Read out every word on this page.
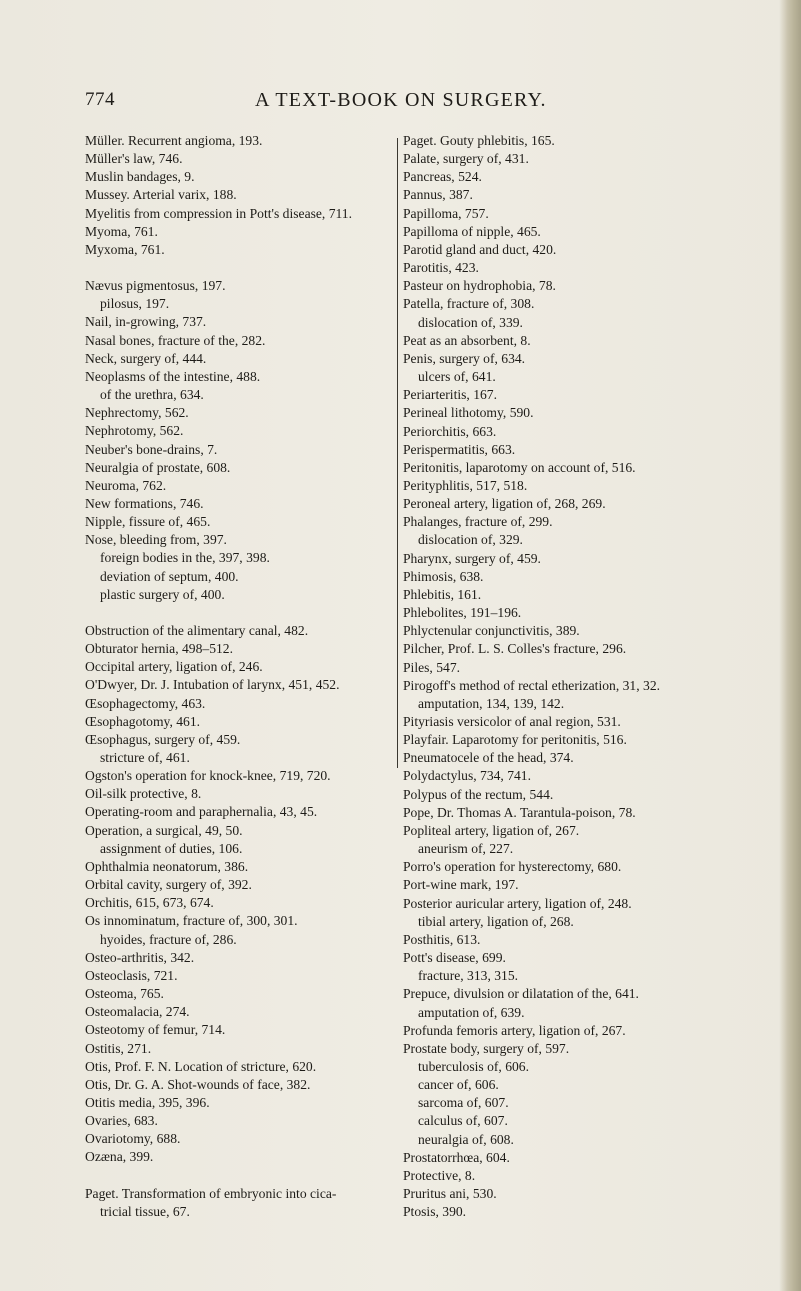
774	A TEXT-BOOK ON SURGERY.
Müller. Recurrent angioma, 193.
Müller's law, 746.
Muslin bandages, 9.
Mussey. Arterial varix, 188.
Myelitis from compression in Pott's disease, 711.
Myoma, 761.
Myxoma, 761.
Nævus pigmentosus, 197.
pilosus, 197.
Nail, in-growing, 737.
Nasal bones, fracture of the, 282.
Neck, surgery of, 444.
Neoplasms of the intestine, 488.
of the urethra, 634.
Nephrectomy, 562.
Nephrotomy, 562.
Neuber's bone-drains, 7.
Neuralgia of prostate, 608.
Neuroma, 762.
New formations, 746.
Nipple, fissure of, 465.
Nose, bleeding from, 397.
foreign bodies in the, 397, 398.
deviation of septum, 400.
plastic surgery of, 400.
Obstruction of the alimentary canal, 482.
Obturator hernia, 498–512.
Occipital artery, ligation of, 246.
O'Dwyer, Dr. J. Intubation of larynx, 451, 452.
Œsophagectomy, 463.
Œsophagotomy, 461.
Œsophagus, surgery of, 459.
stricture of, 461.
Ogston's operation for knock-knee, 719, 720.
Oil-silk protective, 8.
Operating-room and paraphernalia, 43, 45.
Operation, a surgical, 49, 50.
assignment of duties, 106.
Ophthalmia neonatorum, 386.
Orbital cavity, surgery of, 392.
Orchitis, 615, 673, 674.
Os innominatum, fracture of, 300, 301.
hyoides, fracture of, 286.
Osteo-arthritis, 342.
Osteoclasis, 721.
Osteoma, 765.
Osteomalacia, 274.
Osteotomy of femur, 714.
Ostitis, 271.
Otis, Prof. F. N. Location of stricture, 620.
Otis, Dr. G. A. Shot-wounds of face, 382.
Otitis media, 395, 396.
Ovaries, 683.
Ovariotomy, 688.
Ozæna, 399.
Paget. Transformation of embryonic into cica-
tricial tissue, 67.
Paget. Gouty phlebitis, 165.
Palate, surgery of, 431.
Pancreas, 524.
Pannus, 387.
Papilloma, 757.
Papilloma of nipple, 465.
Parotid gland and duct, 420.
Parotitis, 423.
Pasteur on hydrophobia, 78.
Patella, fracture of, 308.
dislocation of, 339.
Peat as an absorbent, 8.
Penis, surgery of, 634.
ulcers of, 641.
Periarteritis, 167.
Perineal lithotomy, 590.
Periorchitis, 663.
Perispermatitis, 663.
Peritonitis, laparotomy on account of, 516.
Perityphlitis, 517, 518.
Peroneal artery, ligation of, 268, 269.
Phalanges, fracture of, 299.
dislocation of, 329.
Pharynx, surgery of, 459.
Phimosis, 638.
Phlebitis, 161.
Phlebolites, 191–196.
Phlyctenular conjunctivitis, 389.
Pilcher, Prof. L. S. Colles's fracture, 296.
Piles, 547.
Pirogoff's method of rectal etherization, 31, 32.
amputation, 134, 139, 142.
Pityriasis versicolor of anal region, 531.
Playfair. Laparotomy for peritonitis, 516.
Pneumatocele of the head, 374.
Polydactylus, 734, 741.
Polypus of the rectum, 544.
Pope, Dr. Thomas A. Tarantula-poison, 78.
Popliteal artery, ligation of, 267.
aneurism of, 227.
Porro's operation for hysterectomy, 680.
Port-wine mark, 197.
Posterior auricular artery, ligation of, 248.
tibial artery, ligation of, 268.
Posthitis, 613.
Pott's disease, 699.
fracture, 313, 315.
Prepuce, divulsion or dilatation of the, 641.
amputation of, 639.
Profunda femoris artery, ligation of, 267.
Prostate body, surgery of, 597.
tuberculosis of, 606.
cancer of, 606.
sarcoma of, 607.
calculus of, 607.
neuralgia of, 608.
Prostatorrhœa, 604.
Protective, 8.
Pruritus ani, 530.
Ptosis, 390.
